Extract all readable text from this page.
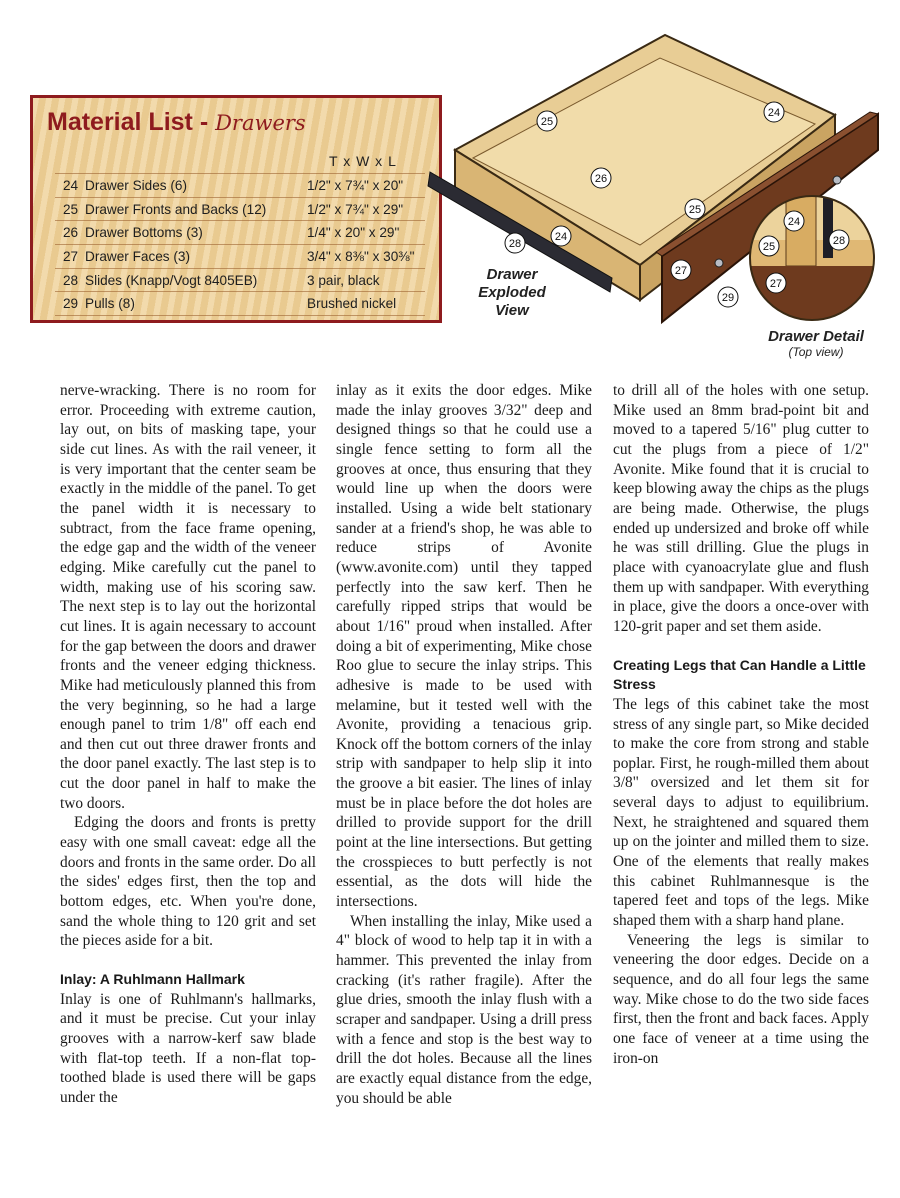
Material List - Drawers
T x W x L
24 Drawer Sides (6)	1/2" x 7¾" x 20"
25 Drawer Fronts and Backs (12)	1/2" x 7¾" x 29"
26 Drawer Bottoms (3)	1/4" x 20" x 29"
27 Drawer Faces (3)	3/4" x 8⅜" x 30⅜"
28 Slides (Knapp/Vogt 8405EB)	3 pair, black
29 Pulls (8)	Brushed nickel
25
24
26
25
24
28
27
29
24
25	28
27
Drawer Exploded View
Drawer Detail
(Top view)

nerve-wracking. There is no room for error. Proceeding with extreme caution, lay out, on bits of masking tape, your side cut lines. As with the rail veneer, it is very important that the center seam be exactly in the middle of the panel. To get the panel width it is necessary to subtract, from the face frame opening, the edge gap and the width of the veneer edging. Mike carefully cut the panel to width, making use of his scoring saw. The next step is to lay out the horizontal cut lines. It is again necessary to account for the gap between the doors and drawer fronts and the veneer edging thickness. Mike had meticulously planned this from the very beginning, so he had a large enough panel to trim 1/8" off each end and then cut out three drawer fronts and the door panel exactly. The last step is to cut the door panel in half to make the two doors.

Edging the doors and fronts is pretty easy with one small caveat: edge all the doors and fronts in the same order. Do all the sides' edges first, then the top and bottom edges, etc. When you're done, sand the whole thing to 120 grit and set the pieces aside for a bit.

Inlay: A Ruhlmann Hallmark

Inlay is one of Ruhlmann's hallmarks, and it must be precise. Cut your inlay grooves with a narrow-kerf saw blade with flat-top teeth. If a non-flat top-toothed blade is used there will be gaps under the

inlay as it exits the door edges. Mike made the inlay grooves 3/32" deep and designed things so that he could use a single fence setting to form all the grooves at once, thus ensuring that they would line up when the doors were installed. Using a wide belt stationary sander at a friend's shop, he was able to reduce strips of Avonite (www.avonite.com) until they tapped perfectly into the saw kerf. Then he carefully ripped strips that would be about 1/16" proud when installed. After doing a bit of experimenting, Mike chose Roo glue to secure the inlay strips. This adhesive is made to be used with melamine, but it tested well with the Avonite, providing a tenacious grip. Knock off the bottom corners of the inlay strip with sandpaper to help slip it into the groove a bit easier. The lines of inlay must be in place before the dot holes are drilled to provide support for the drill point at the line intersections. But getting the crosspieces to butt perfectly is not essential, as the dots will hide the intersections.

When installing the inlay, Mike used a 4" block of wood to help tap it in with a hammer. This prevented the inlay from cracking (it's rather fragile). After the glue dries, smooth the inlay flush with a scraper and sandpaper. Using a drill press with a fence and stop is the best way to drill the dot holes. Because all the lines are exactly equal distance from the edge, you should be able

to drill all of the holes with one setup. Mike used an 8mm brad-point bit and moved to a tapered 5/16" plug cutter to cut the plugs from a piece of 1/2" Avonite. Mike found that it is crucial to keep blowing away the chips as the plugs are being made. Otherwise, the plugs ended up undersized and broke off while he was still drilling. Glue the plugs in place with cyanoacrylate glue and flush them up with sandpaper. With everything in place, give the doors a once-over with 120-grit paper and set them aside.

Creating Legs that Can Handle a Little Stress

The legs of this cabinet take the most stress of any single part, so Mike decided to make the core from strong and stable poplar. First, he rough-milled them about 3/8" oversized and let them sit for several days to adjust to equilibrium. Next, he straightened and squared them up on the jointer and milled them to size. One of the elements that really makes this cabinet Ruhlmannesque is the tapered feet and tops of the legs. Mike shaped them with a sharp hand plane.

Veneering the legs is similar to veneering the door edges. Decide on a sequence, and do all four legs the same way. Mike chose to do the two side faces first, then the front and back faces. Apply one face of veneer at a time using the iron-on
